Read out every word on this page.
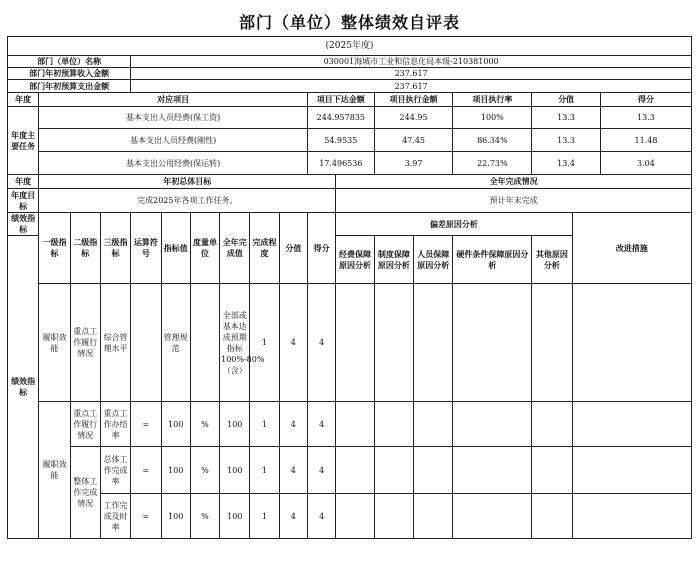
部门（单位）整体绩效自评表
(2025年度)																	
部门（单位）名称				030001海城市工业和信息化局本级-210381000													
部门年初预算收入金额				237.617													
部门年初预算支出金额				237.617													
年度	对应项目									项目下达金额		项目执行金额		项目执行率	分值		得分
年度主要任务	基本支出人员经费(保工资)									244.957835		244.95		100%	13.3		13.3
	基本支出人员经费(刚性)									54.9535		47.45		86.34%	13.3		11.48
	基本支出公用经费(保运转)									17.496536		3.97		22.73%	13.4		3.04
年度	年初总体目标										全年完成情况						
年度目标	完成2025年各项工作任务。										预计年末完成						
绩效指标	一级指标	二级指标	三级指标	运算符号	指标值	度量单位	全年完成值	完成程度	分值	得分	偏差原因分析					改进措施	
绩效指标											经费保障原因分析	制度保障原因分析	人员保障原因分析	硬件条件保障原因分析	其他原因分析		
	履职效能	重点工作履行情况	综合管理水平		管理规范		全部或基本达成预期指标100%-80%（含）	1	4	4							
	履职效能	重点工作履行情况	重点工作办结率	=	100	%	100	1	4	4							
		整体工作完成情况	总体工作完成率	=	100	%	100	1	4	4							
			工作完成及时率	=	100	%	100	1	4	4							
